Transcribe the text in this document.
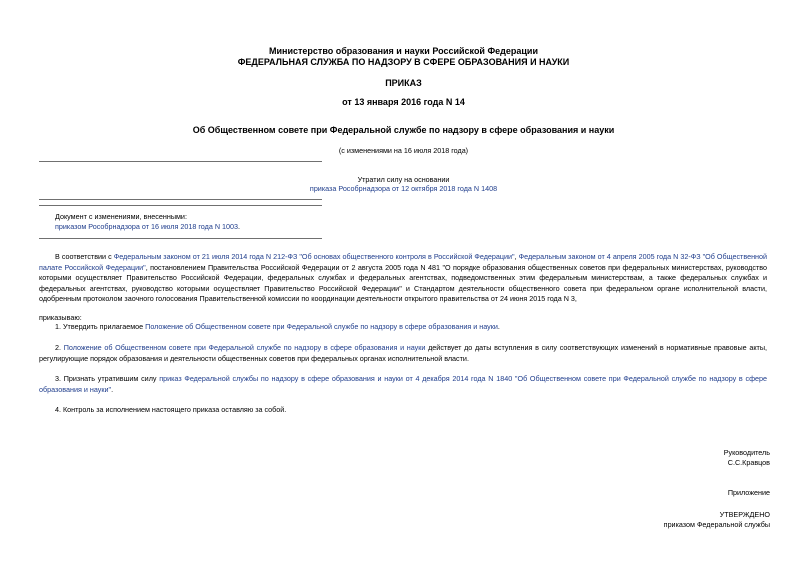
Министерство образования и науки Российской Федерации
ФЕДЕРАЛЬНАЯ СЛУЖБА ПО НАДЗОРУ В СФЕРЕ ОБРАЗОВАНИЯ И НАУКИ
ПРИКАЗ
от 13 января 2016 года N 14
Об Общественном совете при Федеральной службе по надзору в сфере образования и науки
(с изменениями на 16 июля 2018 года)
Утратил силу на основании
приказа Рособрнадзора от 12 октября 2018 года N 1408
Документ с изменениями, внесенными:
приказом Рособрнадзора от 16 июля 2018 года N 1003.
В соответствии с Федеральным законом от 21 июля 2014 года N 212-ФЗ "Об основах общественного контроля в Российской Федерации", Федеральным законом от 4 апреля 2005 года N 32-ФЗ "Об Общественной палате Российской Федерации", постановлением Правительства Российской Федерации от 2 августа 2005 года N 481 "О порядке образования общественных советов при федеральных министерствах, руководство которыми осуществляет Правительство Российской Федерации, федеральных службах и федеральных агентствах, подведомственных этим федеральным министерствам, а также федеральных службах и федеральных агентствах, руководство которыми осуществляет Правительство Российской Федерации" и Стандартом деятельности общественного совета при федеральном органе исполнительной власти, одобренным протоколом заочного голосования Правительственной комиссии по координации деятельности открытого правительства от 24 июня 2015 года N 3,
приказываю:
1. Утвердить прилагаемое Положение об Общественном совете при Федеральной службе по надзору в сфере образования и науки.
2. Положение об Общественном совете при Федеральной службе по надзору в сфере образования и науки действует до даты вступления в силу соответствующих изменений в нормативные правовые акты, регулирующие порядок образования и деятельности общественных советов при федеральных органах исполнительной власти.
3. Признать утратившим силу приказ Федеральной службы по надзору в сфере образования и науки от 4 декабря 2014 года N 1840 "Об Общественном совете при Федеральной службе по надзору в сфере образования и науки".
4. Контроль за исполнением настоящего приказа оставляю за собой.
Руководитель
С.С.Кравцов
Приложение
УТВЕРЖДЕНО
приказом Федеральной службы
